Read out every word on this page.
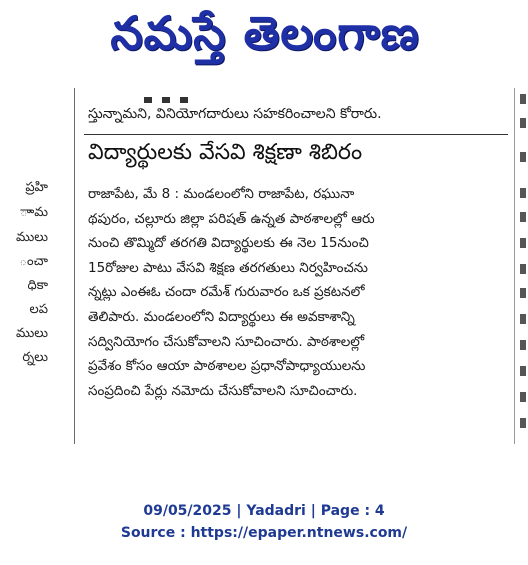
నమస్తే తెలంగాణ
ప్రహి
ాామ
ములు
ంచా
ధికా
లప
ములు
ర్నలు
స్తున్నామని, వినియోగదారులు సహకరించాలని కోరారు.
విద్యార్థులకు వేసవి శిక్షణా శిబిరం
రాజాపేట, మే 8 : మండలంలోని రాజాపేట, రఘునా
థపురం, చల్లూరు జిల్లా పరిషత్ ఉన్నత పాఠశాలల్లో ఆరు
నుంచి తొమ్మిదో తరగతి విద్యార్థులకు ఈ నెల 15నుంచి
15రోజుల పాటు వేసవి శిక్షణ తరగతులు నిర్వహించను
న్నట్లు ఎంఈఓ చందా రమేశ్ గురువారం ఒక ప్రకటనలో
తెలిపారు. మండలంలోని విద్యార్థులు ఈ అవకాశాన్ని
సద్వినియోగం చేసుకోవాలని సూచించారు. పాఠశాలల్లో
ప్రవేశం కోసం ఆయా పాఠశాలల ప్రధానోపాధ్యాయులను
సంప్రదించి పేర్లు నమోదు చేసుకోవాలని సూచించారు.
09/05/2025 | Yadadri | Page : 4
Source : https://epaper.ntnews.com/
